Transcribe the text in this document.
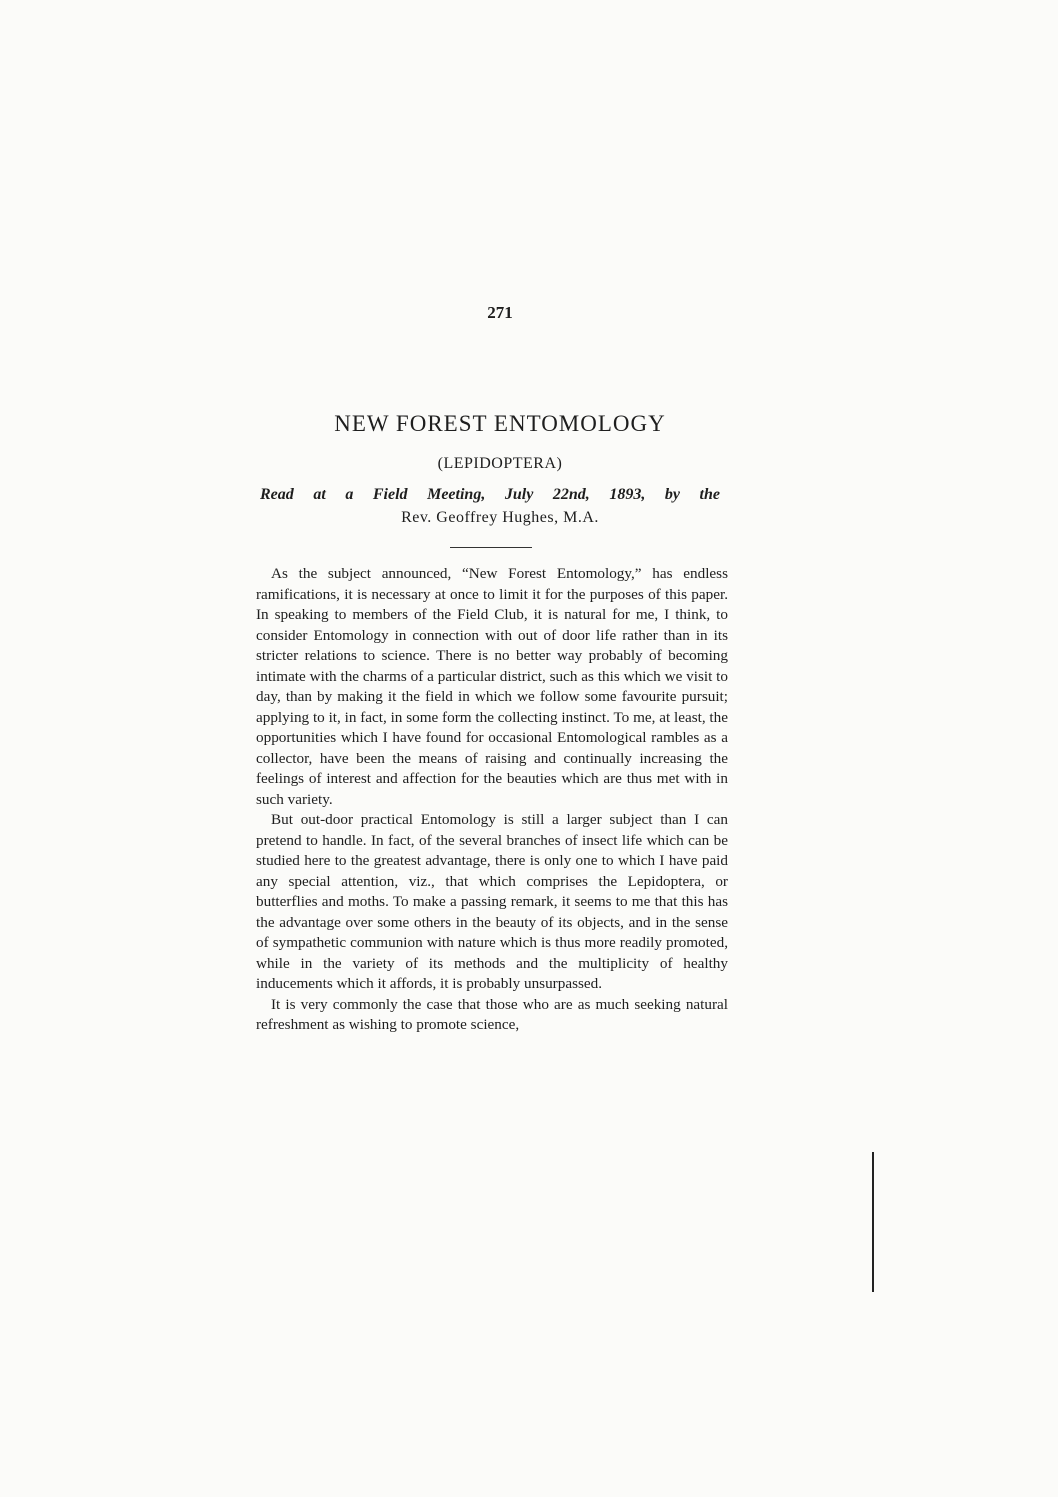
271
NEW FOREST ENTOMOLOGY
(LEPIDOPTERA)
Read at a Field Meeting, July 22nd, 1893, by the
Rev. Geoffrey Hughes, M.A.

As the subject announced, “New Forest Entomology,” has endless ramifications, it is necessary at once to limit it for the purposes of this paper. In speaking to members of the Field Club, it is natural for me, I think, to consider Entomology in connection with out of door life rather than in its stricter relations to science. There is no better way probably of becoming intimate with the charms of a particular district, such as this which we visit to day, than by making it the field in which we follow some favourite pursuit; applying to it, in fact, in some form the collecting instinct. To me, at least, the opportunities which I have found for occasional Entomological rambles as a collector, have been the means of raising and continually increasing the feelings of interest and affection for the beauties which are thus met with in such variety.

But out-door practical Entomology is still a larger subject than I can pretend to handle. In fact, of the several branches of insect life which can be studied here to the greatest advantage, there is only one to which I have paid any special attention, viz., that which comprises the Lepidoptera, or butterflies and moths. To make a passing remark, it seems to me that this has the advantage over some others in the beauty of its objects, and in the sense of sympathetic communion with nature which is thus more readily promoted, while in the variety of its methods and the multiplicity of healthy inducements which it affords, it is probably unsurpassed.

It is very commonly the case that those who are as much seeking natural refreshment as wishing to promote science,
